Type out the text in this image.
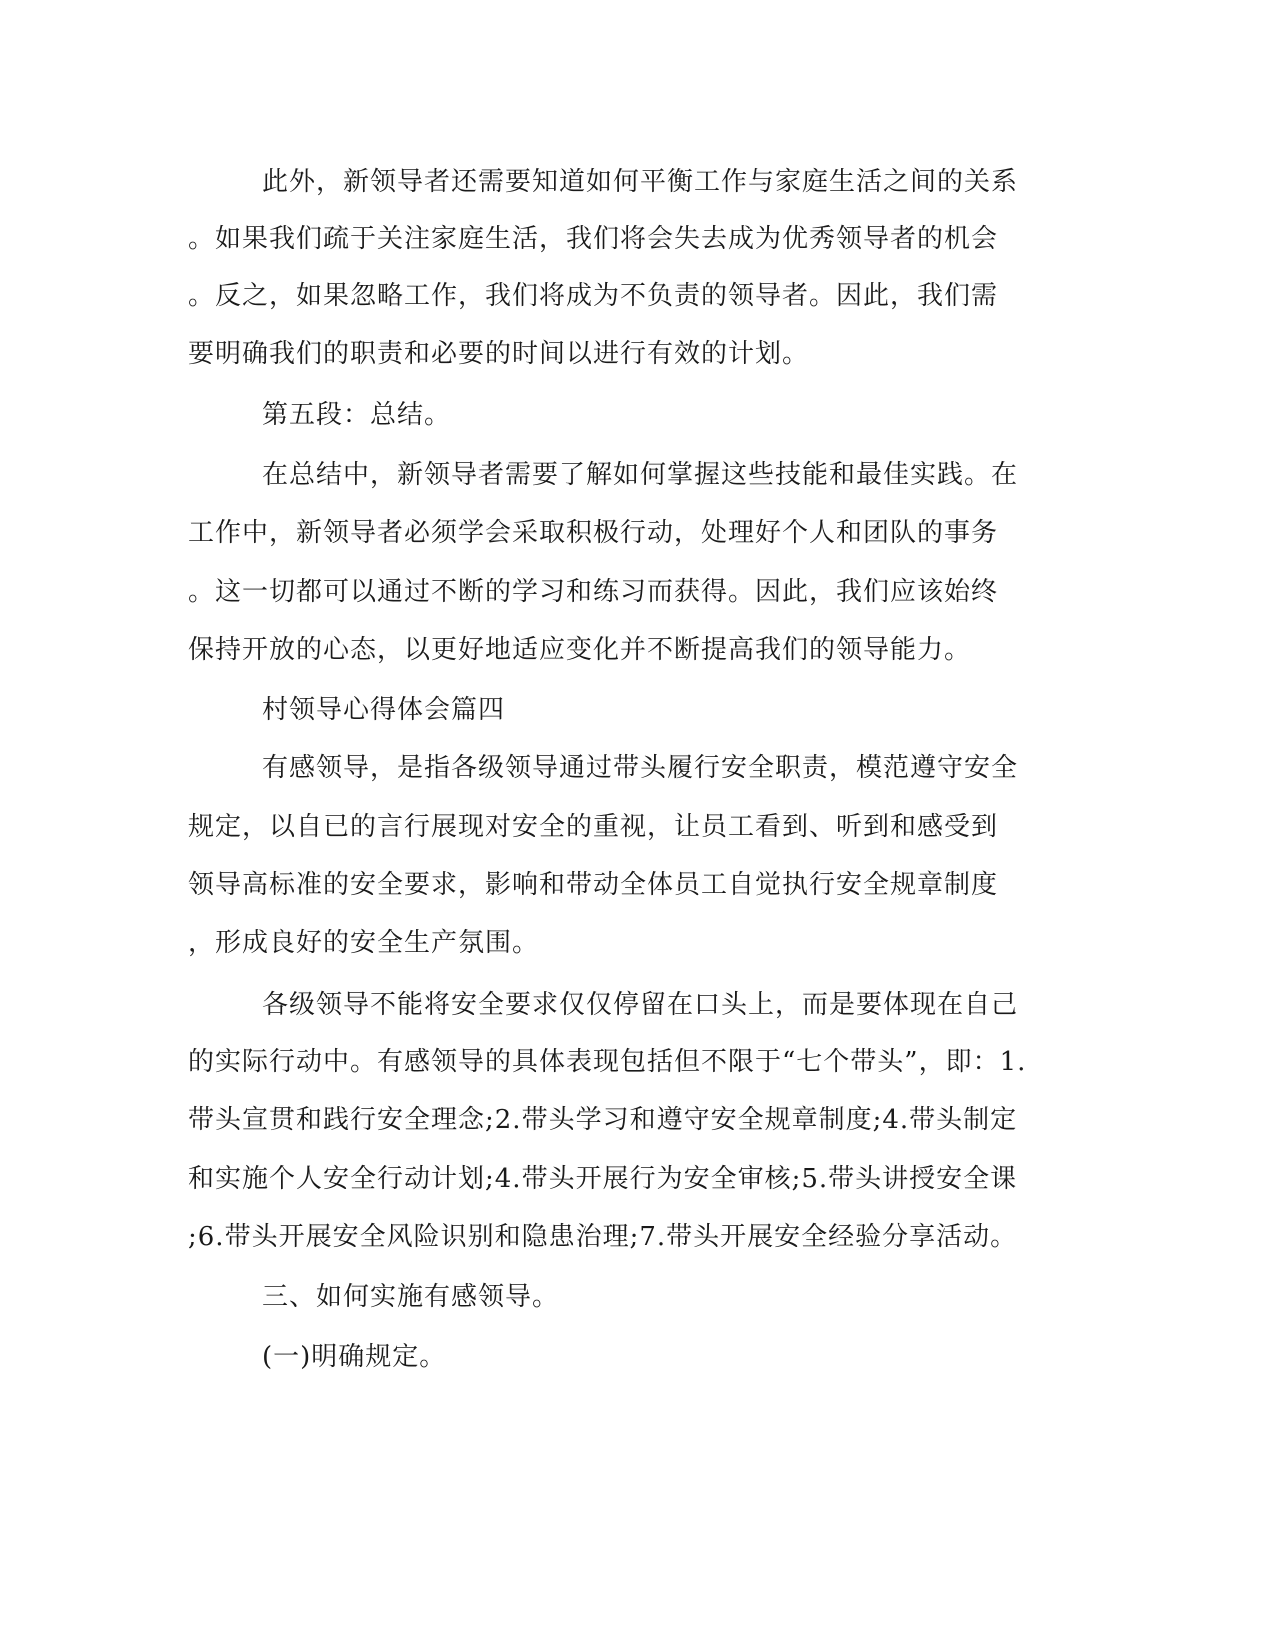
此外，新领导者还需要知道如何平衡工作与家庭生活之间的关系
。如果我们疏于关注家庭生活，我们将会失去成为优秀领导者的机会
。反之，如果忽略工作，我们将成为不负责的领导者。因此，我们需
要明确我们的职责和必要的时间以进行有效的计划。
第五段：总结。
在总结中，新领导者需要了解如何掌握这些技能和最佳实践。在
工作中，新领导者必须学会采取积极行动，处理好个人和团队的事务
。这一切都可以通过不断的学习和练习而获得。因此，我们应该始终
保持开放的心态，以更好地适应变化并不断提高我们的领导能力。
村领导心得体会篇四
有感领导，是指各级领导通过带头履行安全职责，模范遵守安全
规定，以自已的言行展现对安全的重视，让员工看到、听到和感受到
领导高标准的安全要求，影响和带动全体员工自觉执行安全规章制度
，形成良好的安全生产氛围。
各级领导不能将安全要求仅仅停留在口头上，而是要体现在自己
的实际行动中。有感领导的具体表现包括但不限于“七个带头”，即：1.
带头宣贯和践行安全理念;2.带头学习和遵守安全规章制度;4.带头制定
和实施个人安全行动计划;4.带头开展行为安全审核;5.带头讲授安全课
;6.带头开展安全风险识别和隐患治理;7.带头开展安全经验分享活动。
三、如何实施有感领导。
(一)明确规定。
